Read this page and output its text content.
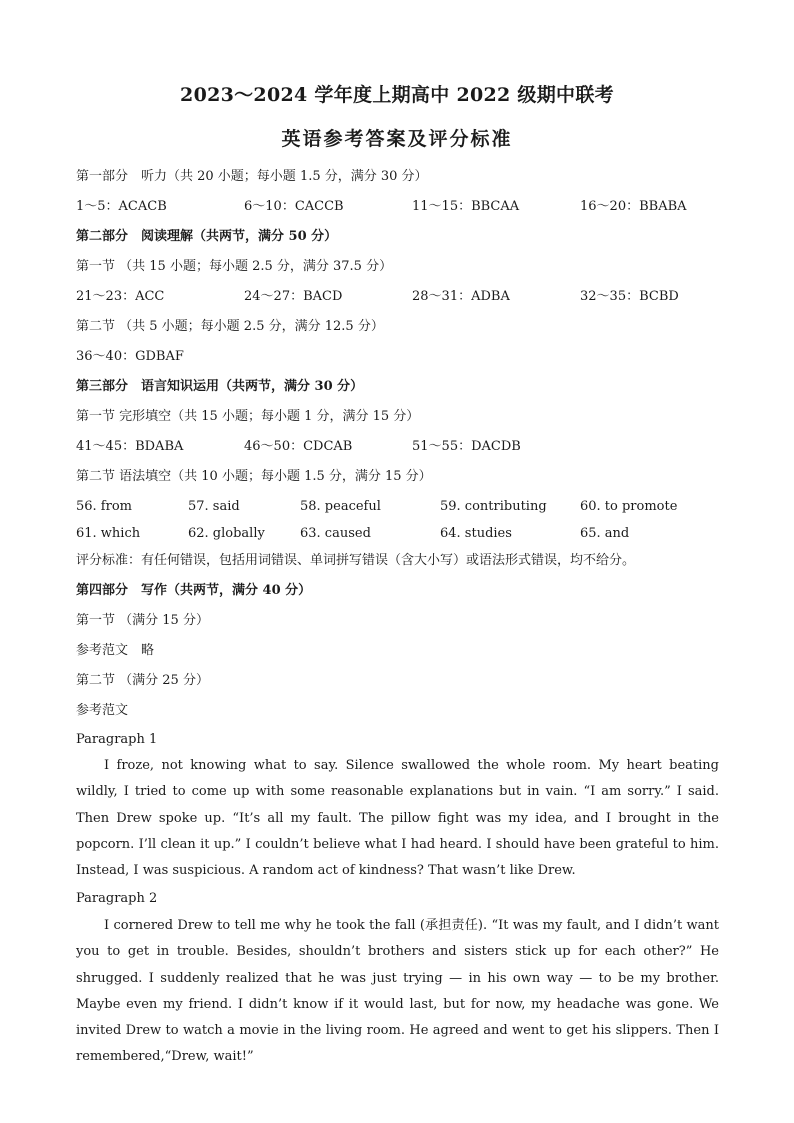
2023～2024 学年度上期高中 2022 级期中联考
英语参考答案及评分标准
第一部分　听力（共 20 小题；每小题 1.5 分，满分 30 分）
1～5：ACACB	6～10：CACCB	11～15：BBCAA	16～20：BBABA
第二部分　阅读理解（共两节，满分 50 分）
第一节 （共 15 小题；每小题 2.5 分，满分 37.5 分）
21～23：ACC	24～27：BACD	28～31：ADBA	32～35：BCBD
第二节 （共 5 小题；每小题 2.5 分，满分 12.5 分）
36～40：GDBAF
第三部分　语言知识运用（共两节，满分 30 分）
第一节 完形填空（共 15 小题；每小题 1 分，满分 15 分）
41～45：BDABA	46～50：CDCAB	51～55：DACDB
第二节 语法填空（共 10 小题；每小题 1.5 分，满分 15 分）
56. from	57. said	58. peaceful	59. contributing	60. to promote
61. which	62. globally	63. caused	64. studies	65. and
评分标准：有任何错误，包括用词错误、单词拼写错误（含大小写）或语法形式错误，均不给分。
第四部分　写作（共两节，满分 40 分）
第一节 （满分 15 分）
参考范文　略
第二节 （满分 25 分）
参考范文
Paragraph 1

I froze, not knowing what to say. Silence swallowed the whole room. My heart beating wildly, I tried to come up with some reasonable explanations but in vain. “I am sorry.” I said. Then Drew spoke up. “It’s all my fault. The pillow fight was my idea, and I brought in the popcorn. I’ll clean it up.” I couldn’t believe what I had heard. I should have been grateful to him. Instead, I was suspicious. A random act of kindness? That wasn’t like Drew.

Paragraph 2

I cornered Drew to tell me why he took the fall (承担责任). “It was my fault, and I didn’t want you to get in trouble. Besides, shouldn’t brothers and sisters stick up for each other?” He shrugged. I suddenly realized that he was just trying — in his own way — to be my brother. Maybe even my friend. I didn’t know if it would last, but for now, my headache was gone. We invited Drew to watch a movie in the living room. He agreed and went to get his slippers. Then I remembered,“Drew, wait!”
